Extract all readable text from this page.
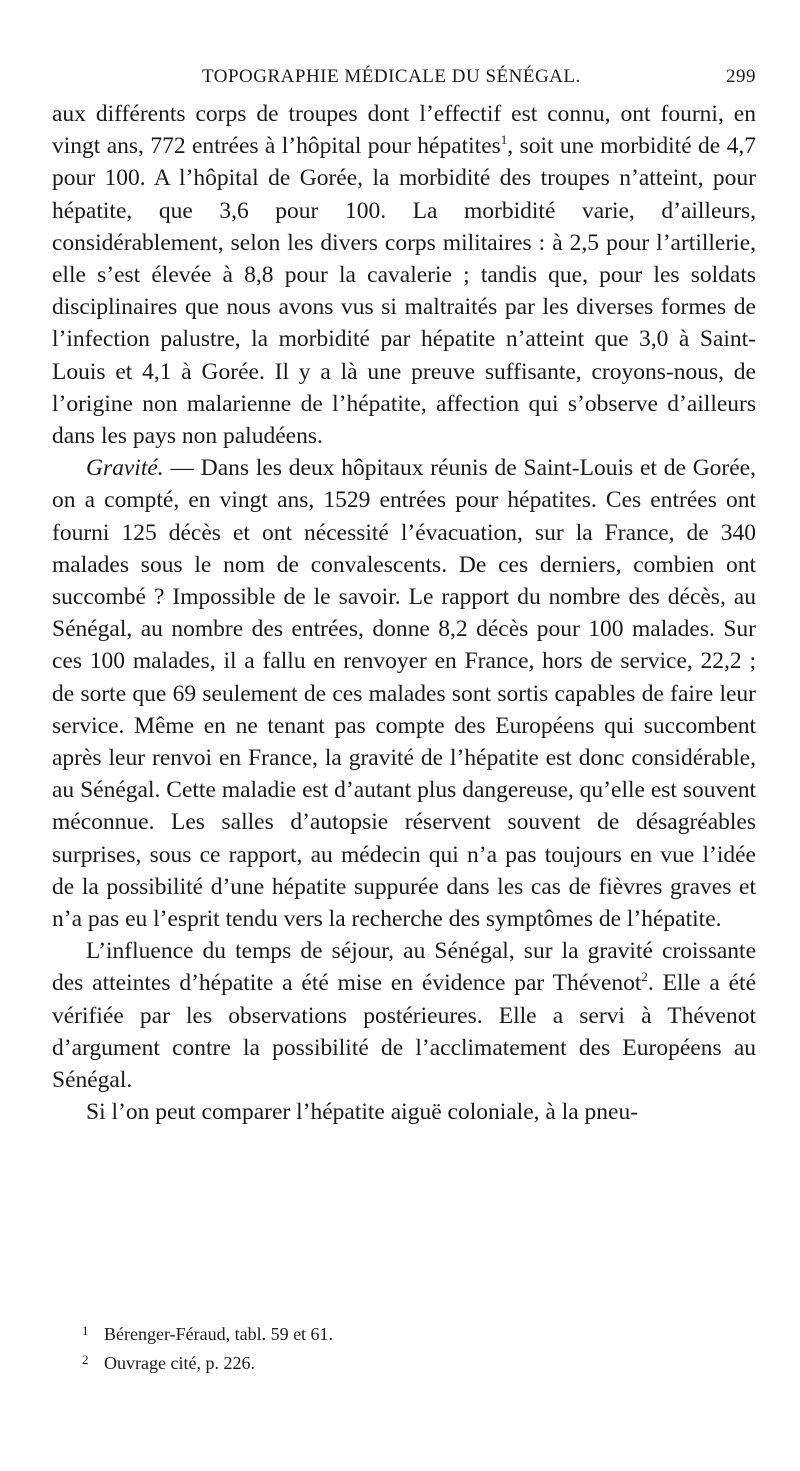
TOPOGRAPHIE MÉDICALE DU SÉNÉGAL.	299

aux différents corps de troupes dont l’effectif est connu, ont fourni, en vingt ans, 772 entrées à l’hôpital pour hépatites$^1$, soit une morbidité de 4,7 pour 100. A l’hôpital de Gorée, la morbidité des troupes n’atteint, pour hépatite, que 3,6 pour 100. La morbidité varie, d’ailleurs, considérablement, selon les divers corps militaires : à 2,5 pour l’artillerie, elle s’est élevée à 8,8 pour la cavalerie ; tandis que, pour les soldats disciplinaires que nous avons vus si maltraités par les diverses formes de l’infection palustre, la morbidité par hépatite n’atteint que 3,0 à Saint-Louis et 4,1 à Gorée. Il y a là une preuve suffisante, croyons-nous, de l’origine non malarienne de l’hépatite, affection qui s’observe d’ailleurs dans les pays non paludéens.

Gravité. — Dans les deux hôpitaux réunis de Saint-Louis et de Gorée, on a compté, en vingt ans, 1529 entrées pour hépatites. Ces entrées ont fourni 125 décès et ont nécessité l’évacuation, sur la France, de 340 malades sous le nom de convalescents. De ces derniers, combien ont succombé ? Impossible de le savoir. Le rapport du nombre des décès, au Sénégal, au nombre des entrées, donne 8,2 décès pour 100 malades. Sur ces 100 malades, il a fallu en renvoyer en France, hors de service, 22,2 ; de sorte que 69 seulement de ces malades sont sortis capables de faire leur service. Même en ne tenant pas compte des Européens qui succombent après leur renvoi en France, la gravité de l’hépatite est donc considérable, au Sénégal. Cette maladie est d’autant plus dangereuse, qu’elle est souvent méconnue. Les salles d’autopsie réservent souvent de désagréables surprises, sous ce rapport, au médecin qui n’a pas toujours en vue l’idée de la possibilité d’une hépatite suppurée dans les cas de fièvres graves et n’a pas eu l’esprit tendu vers la recherche des symptômes de l’hépatite.

L’influence du temps de séjour, au Sénégal, sur la gravité croissante des atteintes d’hépatite a été mise en évidence par Thévenot$^2$. Elle a été vérifiée par les observations postérieures. Elle a servi à Thévenot d’argument contre la possibilité de l’acclimatement des Européens au Sénégal.

Si l’on peut comparer l’hépatite aiguë coloniale, à la pneu-

1 Bérenger-Féraud, tabl. 59 et 61.
2 Ouvrage cité, p. 226.
